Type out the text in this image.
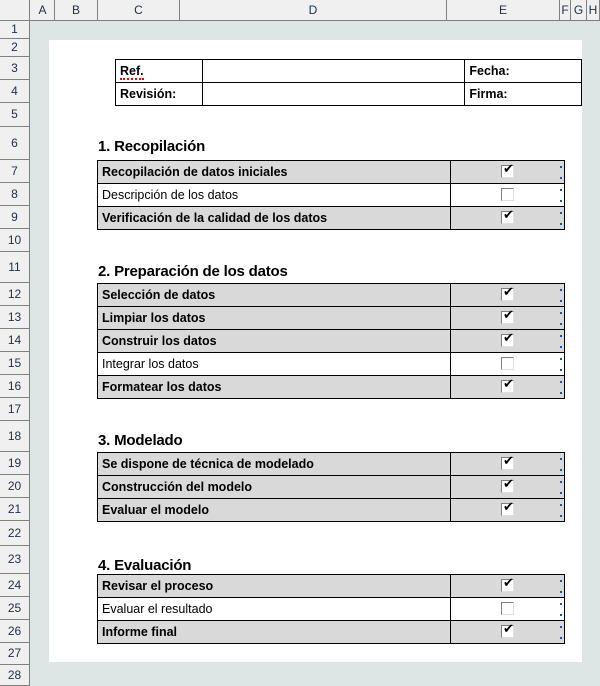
A	B	C	D	E	F G H
1
2
3
4
5
6
7
8
9
10
11
12
13
14
15
16
17
18
19
20
21
22
23
24
25
26
27
28
Ref.		Fecha:
Revisión:		Firma:
1. Recopilación
Recopilación de datos iniciales	✔

Descripción de los datos	
Verificación de la calidad de los datos	✔
2. Preparación de los datos
Selección de datos	✔

Limpiar los datos	✔

Construir los datos	✔

Integrar los datos	
Formatear los datos	✔
3. Modelado
Se dispone de técnica de modelado	✔

Construcción del modelo	✔

Evaluar el modelo	✔
4. Evaluación
Revisar el proceso	✔

Evaluar el resultado	
Informe final	✔
